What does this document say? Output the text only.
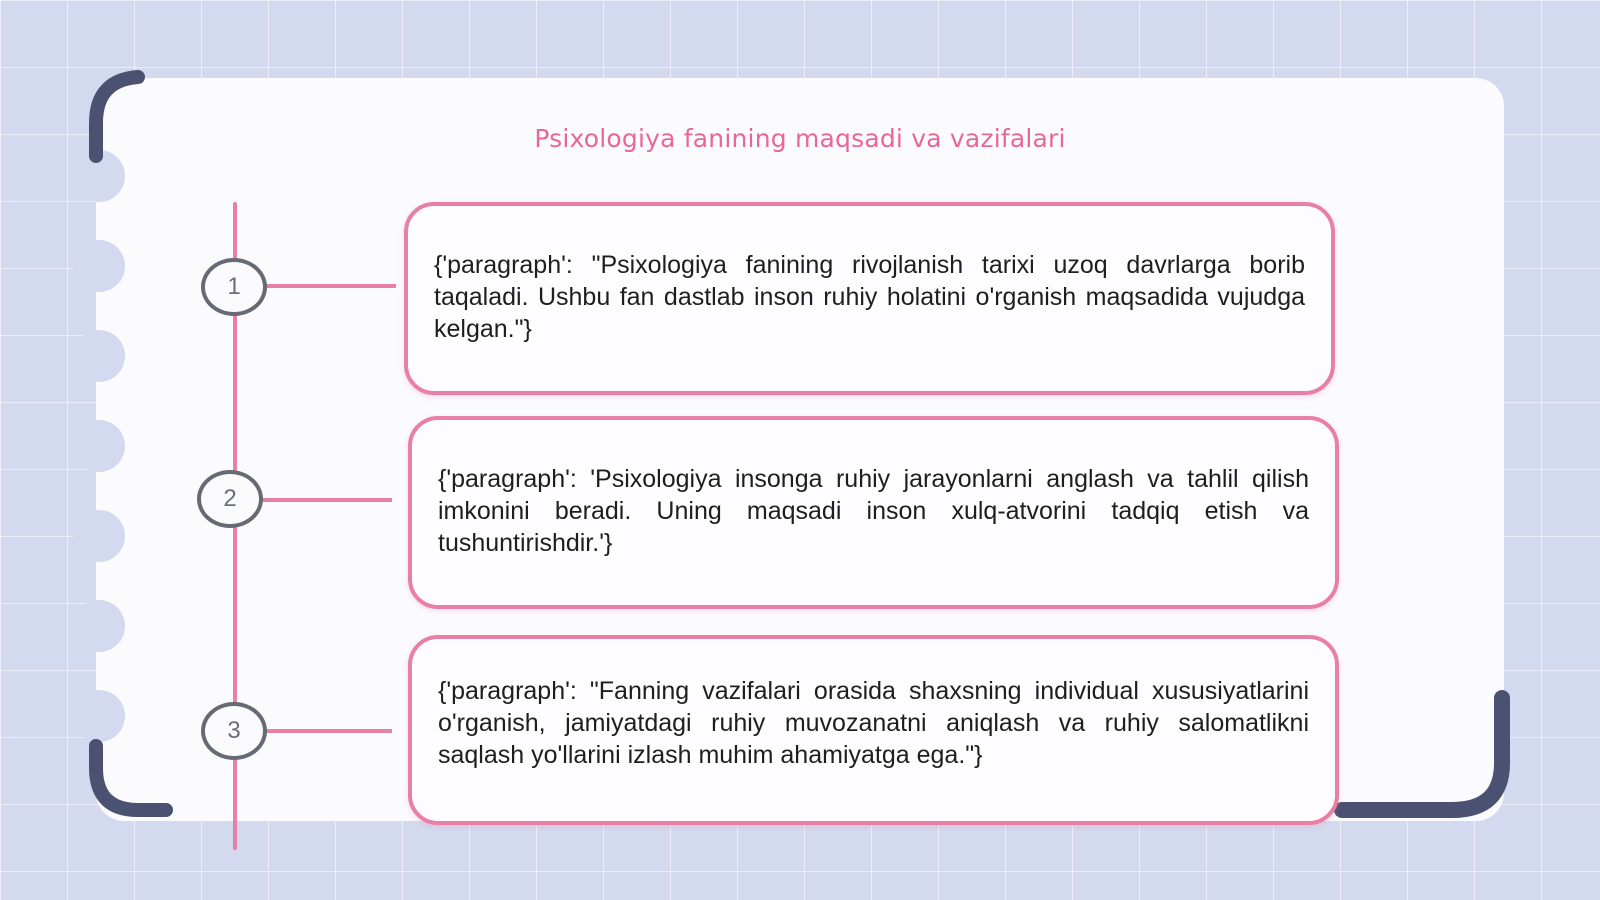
Psixologiya fanining maqsadi va vazifalari
1

{'paragraph': "Psixologiya fanining rivojlanish tarixi uzoq davrlarga borib taqaladi. Ushbu fan dastlab inson ruhiy holatini o'rganish maqsadida vujudga kelgan."}

2

{'paragraph': 'Psixologiya insonga ruhiy jarayonlarni anglash va tahlil qilish imkonini beradi. Uning maqsadi inson xulq-atvorini tadqiq etish va tushuntirishdir.'}

3

{'paragraph': "Fanning vazifalari orasida shaxsning individual xususiyatlarini o'rganish, jamiyatdagi ruhiy muvozanatni aniqlash va ruhiy salomatlikni saqlash yo'llarini izlash muhim ahamiyatga ega."}
